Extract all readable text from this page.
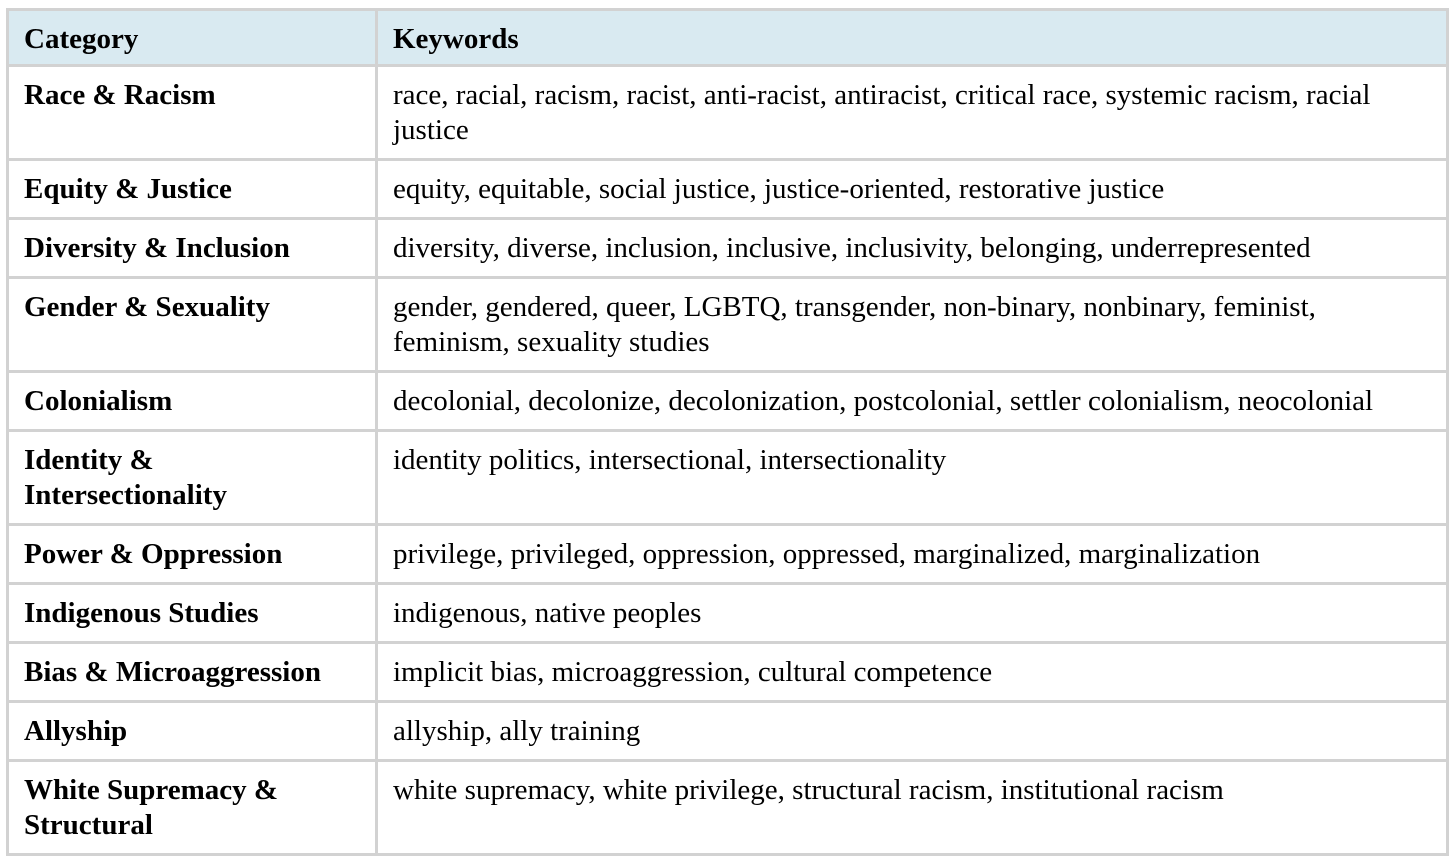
Category	Keywords
Race & Racism	race, racial, racism, racist, anti-racist, antiracist, critical race, systemic racism, racial justice
Equity & Justice	equity, equitable, social justice, justice-oriented, restorative justice
Diversity & Inclusion	diversity, diverse, inclusion, inclusive, inclusivity, belonging, underrepresented
Gender & Sexuality	gender, gendered, queer, LGBTQ, transgender, non-binary, nonbinary, feminist, feminism, sexuality studies
Colonialism	decolonial, decolonize, decolonization, postcolonial, settler colonialism, neocolonial
Identity & Intersectionality	identity politics, intersectional, intersectionality
Power & Oppression	privilege, privileged, oppression, oppressed, marginalized, marginalization
Indigenous Studies	indigenous, native peoples
Bias & Microaggression	implicit bias, microaggression, cultural competence
Allyship	allyship, ally training
White Supremacy & Structural	white supremacy, white privilege, structural racism, institutional racism
